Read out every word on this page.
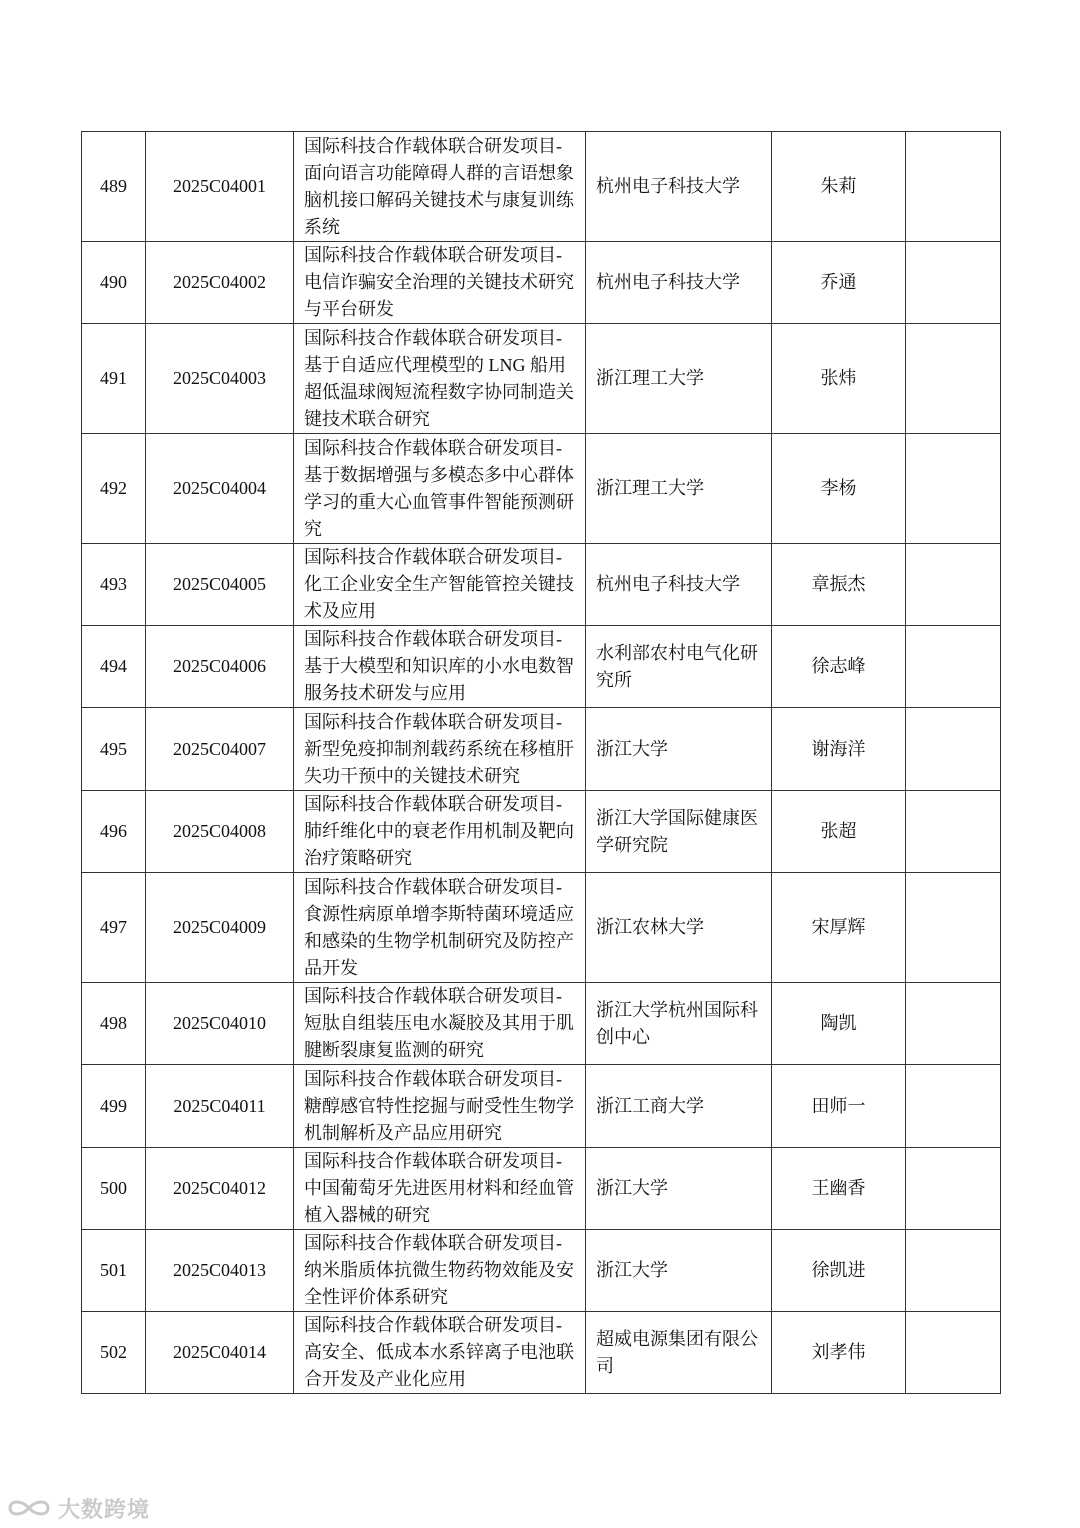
489	2025C04001	国际科技合作载体联合研发项目-面向语言功能障碍人群的言语想象脑机接口解码关键技术与康复训练系统	杭州电子科技大学	朱莉	
490	2025C04002	国际科技合作载体联合研发项目-电信诈骗安全治理的关键技术研究与平台研发	杭州电子科技大学	乔通	
491	2025C04003	国际科技合作载体联合研发项目-基于自适应代理模型的 LNG 船用超低温球阀短流程数字协同制造关键技术联合研究	浙江理工大学	张炜	
492	2025C04004	国际科技合作载体联合研发项目-基于数据增强与多模态多中心群体学习的重大心血管事件智能预测研究	浙江理工大学	李杨	
493	2025C04005	国际科技合作载体联合研发项目-化工企业安全生产智能管控关键技术及应用	杭州电子科技大学	章振杰	
494	2025C04006	国际科技合作载体联合研发项目-基于大模型和知识库的小水电数智服务技术研发与应用	水利部农村电气化研究所	徐志峰	
495	2025C04007	国际科技合作载体联合研发项目-新型免疫抑制剂载药系统在移植肝失功干预中的关键技术研究	浙江大学	谢海洋	
496	2025C04008	国际科技合作载体联合研发项目-肺纤维化中的衰老作用机制及靶向治疗策略研究	浙江大学国际健康医学研究院	张超	
497	2025C04009	国际科技合作载体联合研发项目-食源性病原单增李斯特菌环境适应和感染的生物学机制研究及防控产品开发	浙江农林大学	宋厚辉	
498	2025C04010	国际科技合作载体联合研发项目-短肽自组装压电水凝胶及其用于肌腱断裂康复监测的研究	浙江大学杭州国际科创中心	陶凯	
499	2025C04011	国际科技合作载体联合研发项目-糖醇感官特性挖掘与耐受性生物学机制解析及产品应用研究	浙江工商大学	田师一	
500	2025C04012	国际科技合作载体联合研发项目-中国葡萄牙先进医用材料和经血管植入器械的研究	浙江大学	王幽香	
501	2025C04013	国际科技合作载体联合研发项目-纳米脂质体抗微生物药物效能及安全性评价体系研究	浙江大学	徐凯进	
502	2025C04014	国际科技合作载体联合研发项目-高安全、低成本水系锌离子电池联合开发及产业化应用	超威电源集团有限公司	刘孝伟	
大数跨境
